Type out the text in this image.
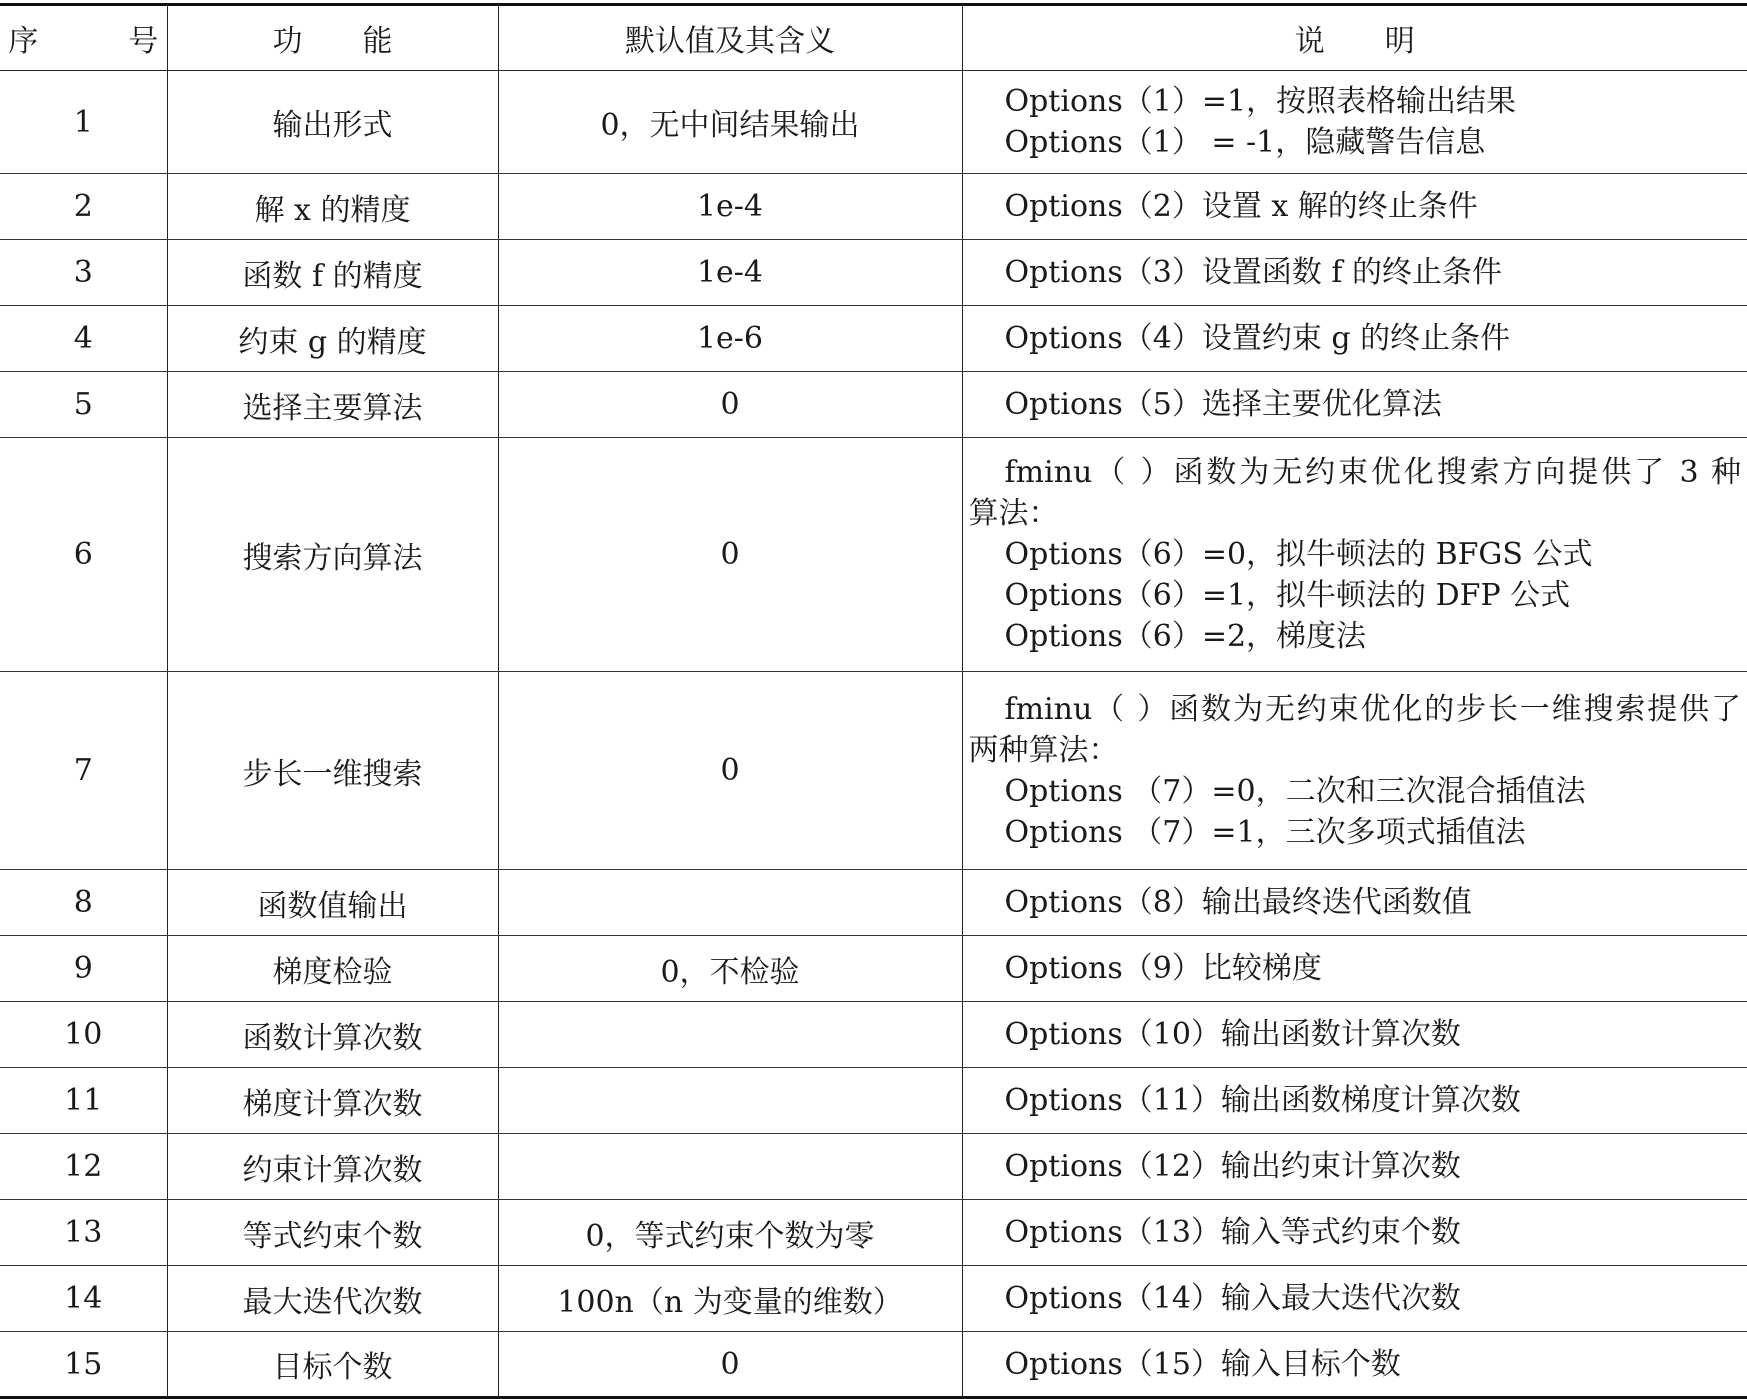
序　　　号	功　　能	默认值及其含义	说　　明
1	输出形式	0，无中间结果输出	Options（1）=1，按照表格输出结果
Options（1） = -1，隐藏警告信息

2	解 x 的精度	1e-4	Options（2）设置 x 解的终止条件

3	函数 f 的精度	1e-4	Options（3）设置函数 f 的终止条件

4	约束 g 的精度	1e-6	Options（4）设置约束 g 的终止条件

5	选择主要算法	0	Options（5）选择主要优化算法

6	搜索方向算法	0	fminu（ ）函数为无约束优化搜索方向提供了 3 种
算法：
Options（6）=0，拟牛顿法的 BFGS 公式
Options（6）=1，拟牛顿法的 DFP 公式
Options（6）=2，梯度法

7	步长一维搜索	0	fminu（ ）函数为无约束优化的步长一维搜索提供了
两种算法：
Options （7）=0，二次和三次混合插值法
Options （7）=1，三次多项式插值法

8	函数值输出		Options（8）输出最终迭代函数值

9	梯度检验	0，不检验	Options（9）比较梯度

10	函数计算次数		Options（10）输出函数计算次数

11	梯度计算次数		Options（11）输出函数梯度计算次数

12	约束计算次数		Options（12）输出约束计算次数

13	等式约束个数	0，等式约束个数为零	Options（13）输入等式约束个数

14	最大迭代次数	100n（n 为变量的维数）	Options（14）输入最大迭代次数

15	目标个数	0	Options（15）输入目标个数
